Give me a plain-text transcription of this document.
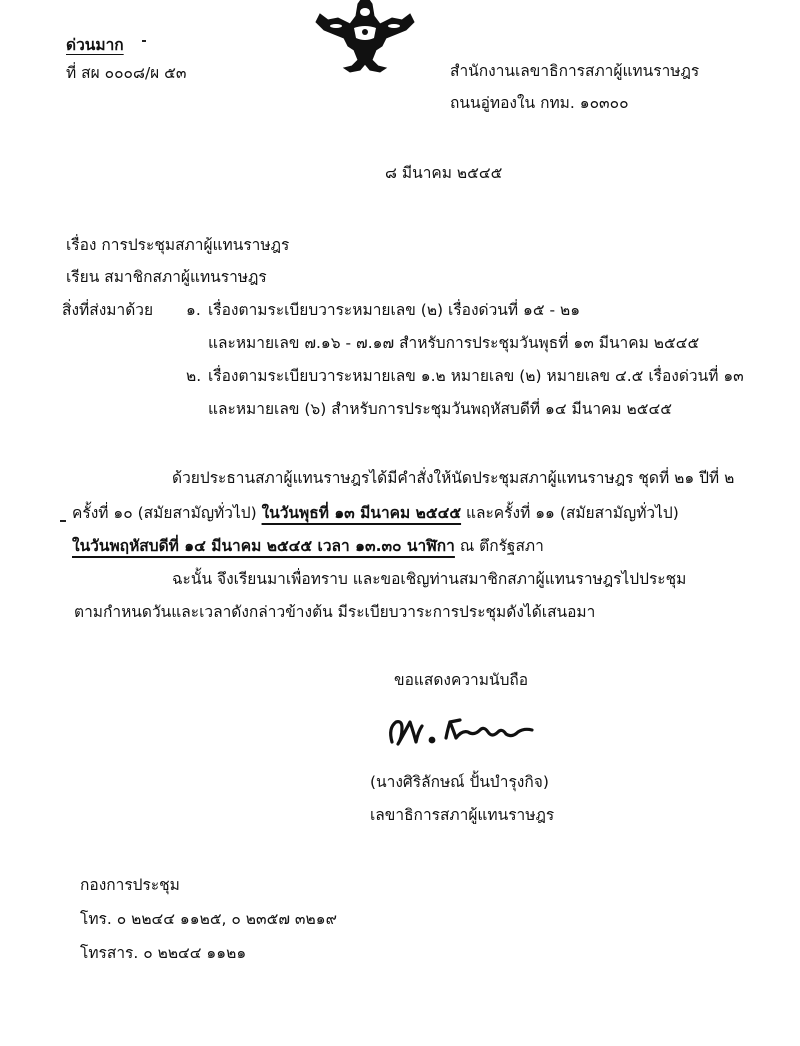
ด่วนมาก
ที่ สผ ๐๐๐๘/ผ ๕๓	สำนักงานเลขาธิการสภาผู้แทนราษฎร
ถนนอู่ทองใน กทม. ๑๐๓๐๐
๘ มีนาคม ๒๕๔๕
เรื่อง การประชุมสภาผู้แทนราษฎร
เรียน สมาชิกสภาผู้แทนราษฎร
สิ่งที่ส่งมาด้วย ๑. เรื่องตามระเบียบวาระหมายเลข (๒) เรื่องด่วนที่ ๑๕ - ๒๑
และหมายเลข ๗.๑๖ - ๗.๑๗ สำหรับการประชุมวันพุธที่ ๑๓ มีนาคม ๒๕๔๕
๒. เรื่องตามระเบียบวาระหมายเลข ๑.๒ หมายเลข (๒) หมายเลข ๔.๕ เรื่องด่วนที่ ๑๓
และหมายเลข (๖) สำหรับการประชุมวันพฤหัสบดีที่ ๑๔ มีนาคม ๒๕๔๕
ด้วยประธานสภาผู้แทนราษฎรได้มีคำสั่งให้นัดประชุมสภาผู้แทนราษฎร ชุดที่ ๒๑ ปีที่ ๒
ครั้งที่ ๑๐ (สมัยสามัญทั่วไป) ในวันพุธที่ ๑๓ มีนาคม ๒๕๔๕ และครั้งที่ ๑๑ (สมัยสามัญทั่วไป)
ในวันพฤหัสบดีที่ ๑๔ มีนาคม ๒๕๔๕ เวลา ๑๓.๓๐ นาฬิกา ณ ตึกรัฐสภา
ฉะนั้น จึงเรียนมาเพื่อทราบ และขอเชิญท่านสมาชิกสภาผู้แทนราษฎรไปประชุม
ตามกำหนดวันและเวลาดังกล่าวข้างต้น มีระเบียบวาระการประชุมดังได้เสนอมา
ขอแสดงความนับถือ
(นางศิริลักษณ์ ปั้นบำรุงกิจ)
เลขาธิการสภาผู้แทนราษฎร
กองการประชุม
โทร. ๐ ๒๒๔๔ ๑๑๒๕, ๐ ๒๓๕๗ ๓๒๑๙
โทรสาร. ๐ ๒๒๔๔ ๑๑๒๑
